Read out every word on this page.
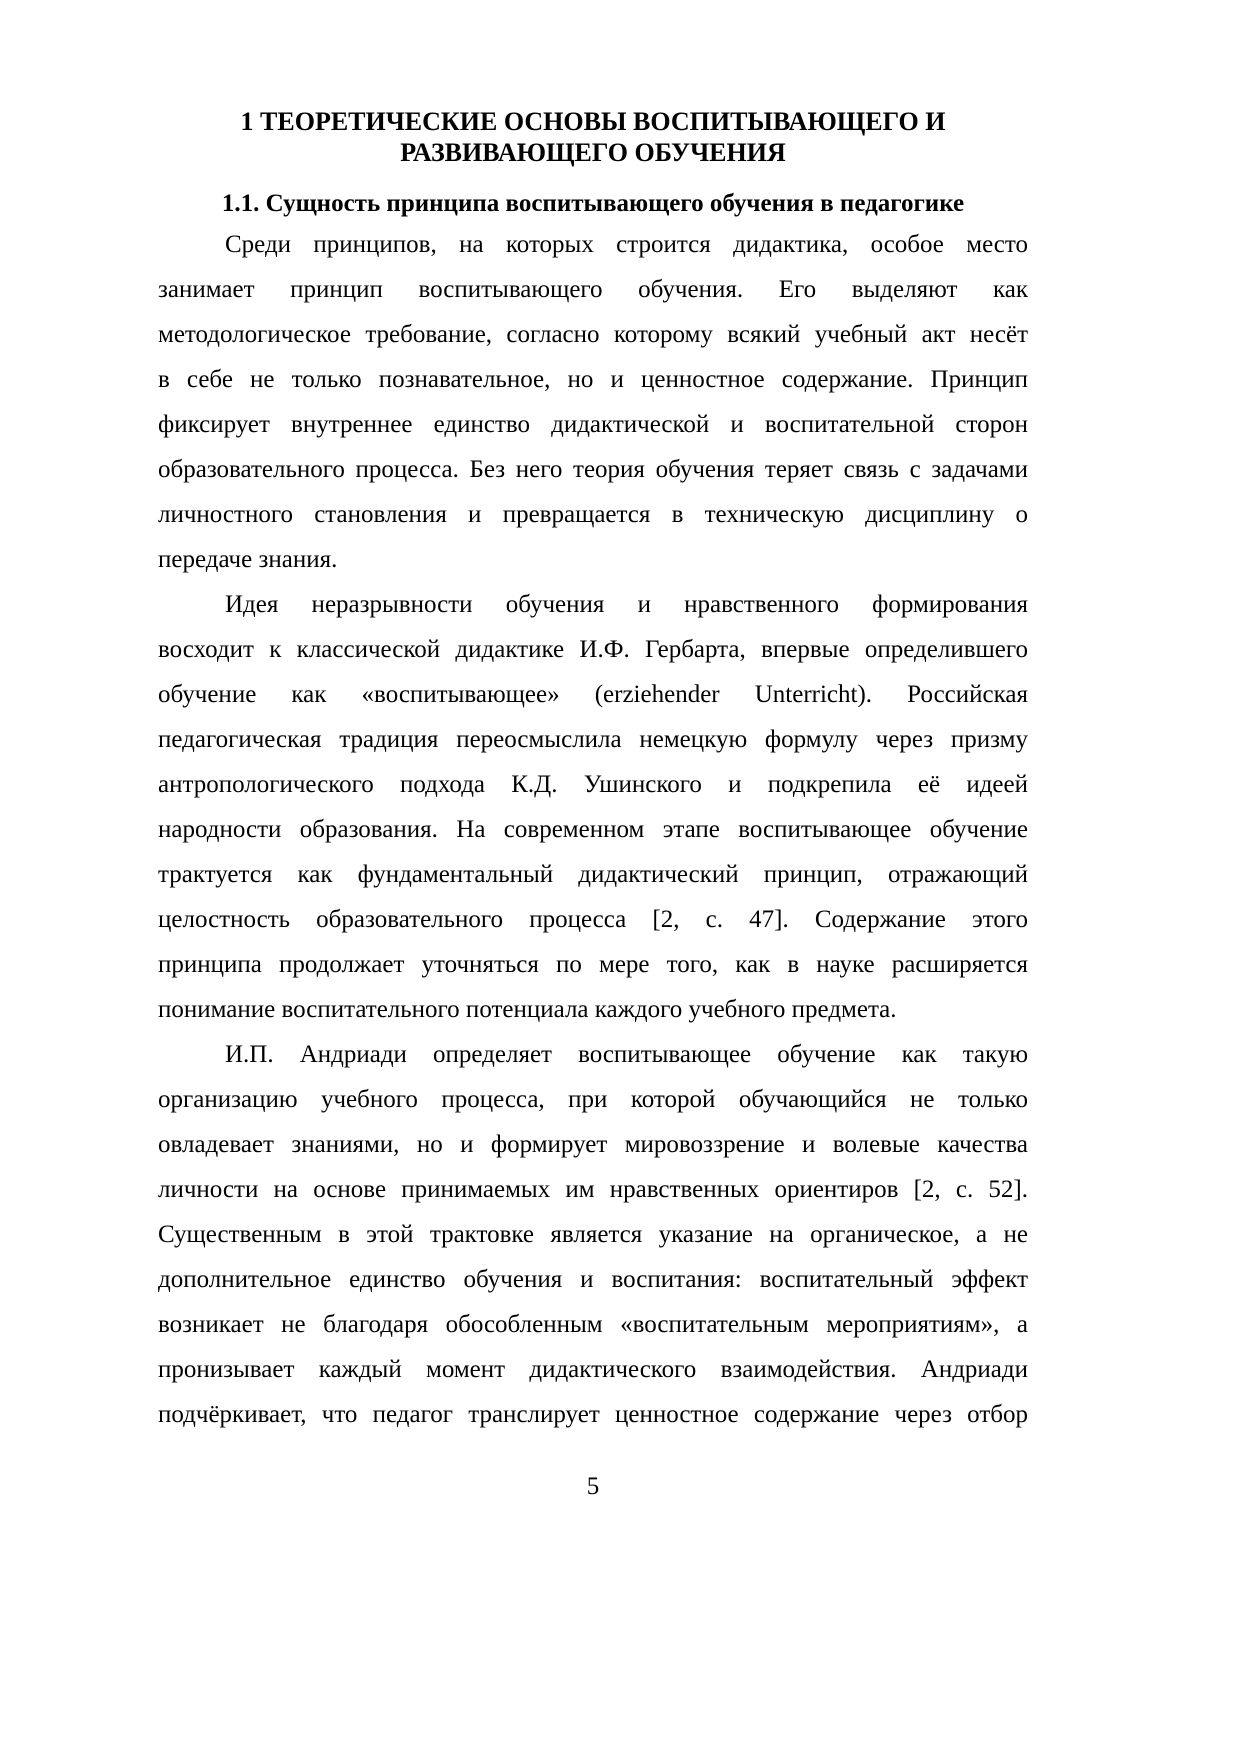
1 ТЕОРЕТИЧЕСКИЕ ОСНОВЫ ВОСПИТЫВАЮЩЕГО И
РАЗВИВАЮЩЕГО ОБУЧЕНИЯ
1.1. Сущность принципа воспитывающего обучения в педагогике
Среди принципов, на которых строится дидактика, особое место
занимает принцип воспитывающего обучения. Его выделяют как
методологическое требование, согласно которому всякий учебный акт несёт
в себе не только познавательное, но и ценностное содержание. Принцип
фиксирует внутреннее единство дидактической и воспитательной сторон
образовательного процесса. Без него теория обучения теряет связь с задачами
личностного становления и превращается в техническую дисциплину о
передаче знания.
Идея неразрывности обучения и нравственного формирования
восходит к классической дидактике И.Ф. Гербарта, впервые определившего
обучение как «воспитывающее» (erziehender Unterricht). Российская
педагогическая традиция переосмыслила немецкую формулу через призму
антропологического подхода К.Д. Ушинского и подкрепила её идеей
народности образования. На современном этапе воспитывающее обучение
трактуется как фундаментальный дидактический принцип, отражающий
целостность образовательного процесса [2, с. 47]. Содержание этого
принципа продолжает уточняться по мере того, как в науке расширяется
понимание воспитательного потенциала каждого учебного предмета.
И.П. Андриади определяет воспитывающее обучение как такую
организацию учебного процесса, при которой обучающийся не только
овладевает знаниями, но и формирует мировоззрение и волевые качества
личности на основе принимаемых им нравственных ориентиров [2, с. 52].
Существенным в этой трактовке является указание на органическое, а не
дополнительное единство обучения и воспитания: воспитательный эффект
возникает не благодаря обособленным «воспитательным мероприятиям», а
пронизывает каждый момент дидактического взаимодействия. Андриади
подчёркивает, что педагог транслирует ценностное содержание через отбор
5
